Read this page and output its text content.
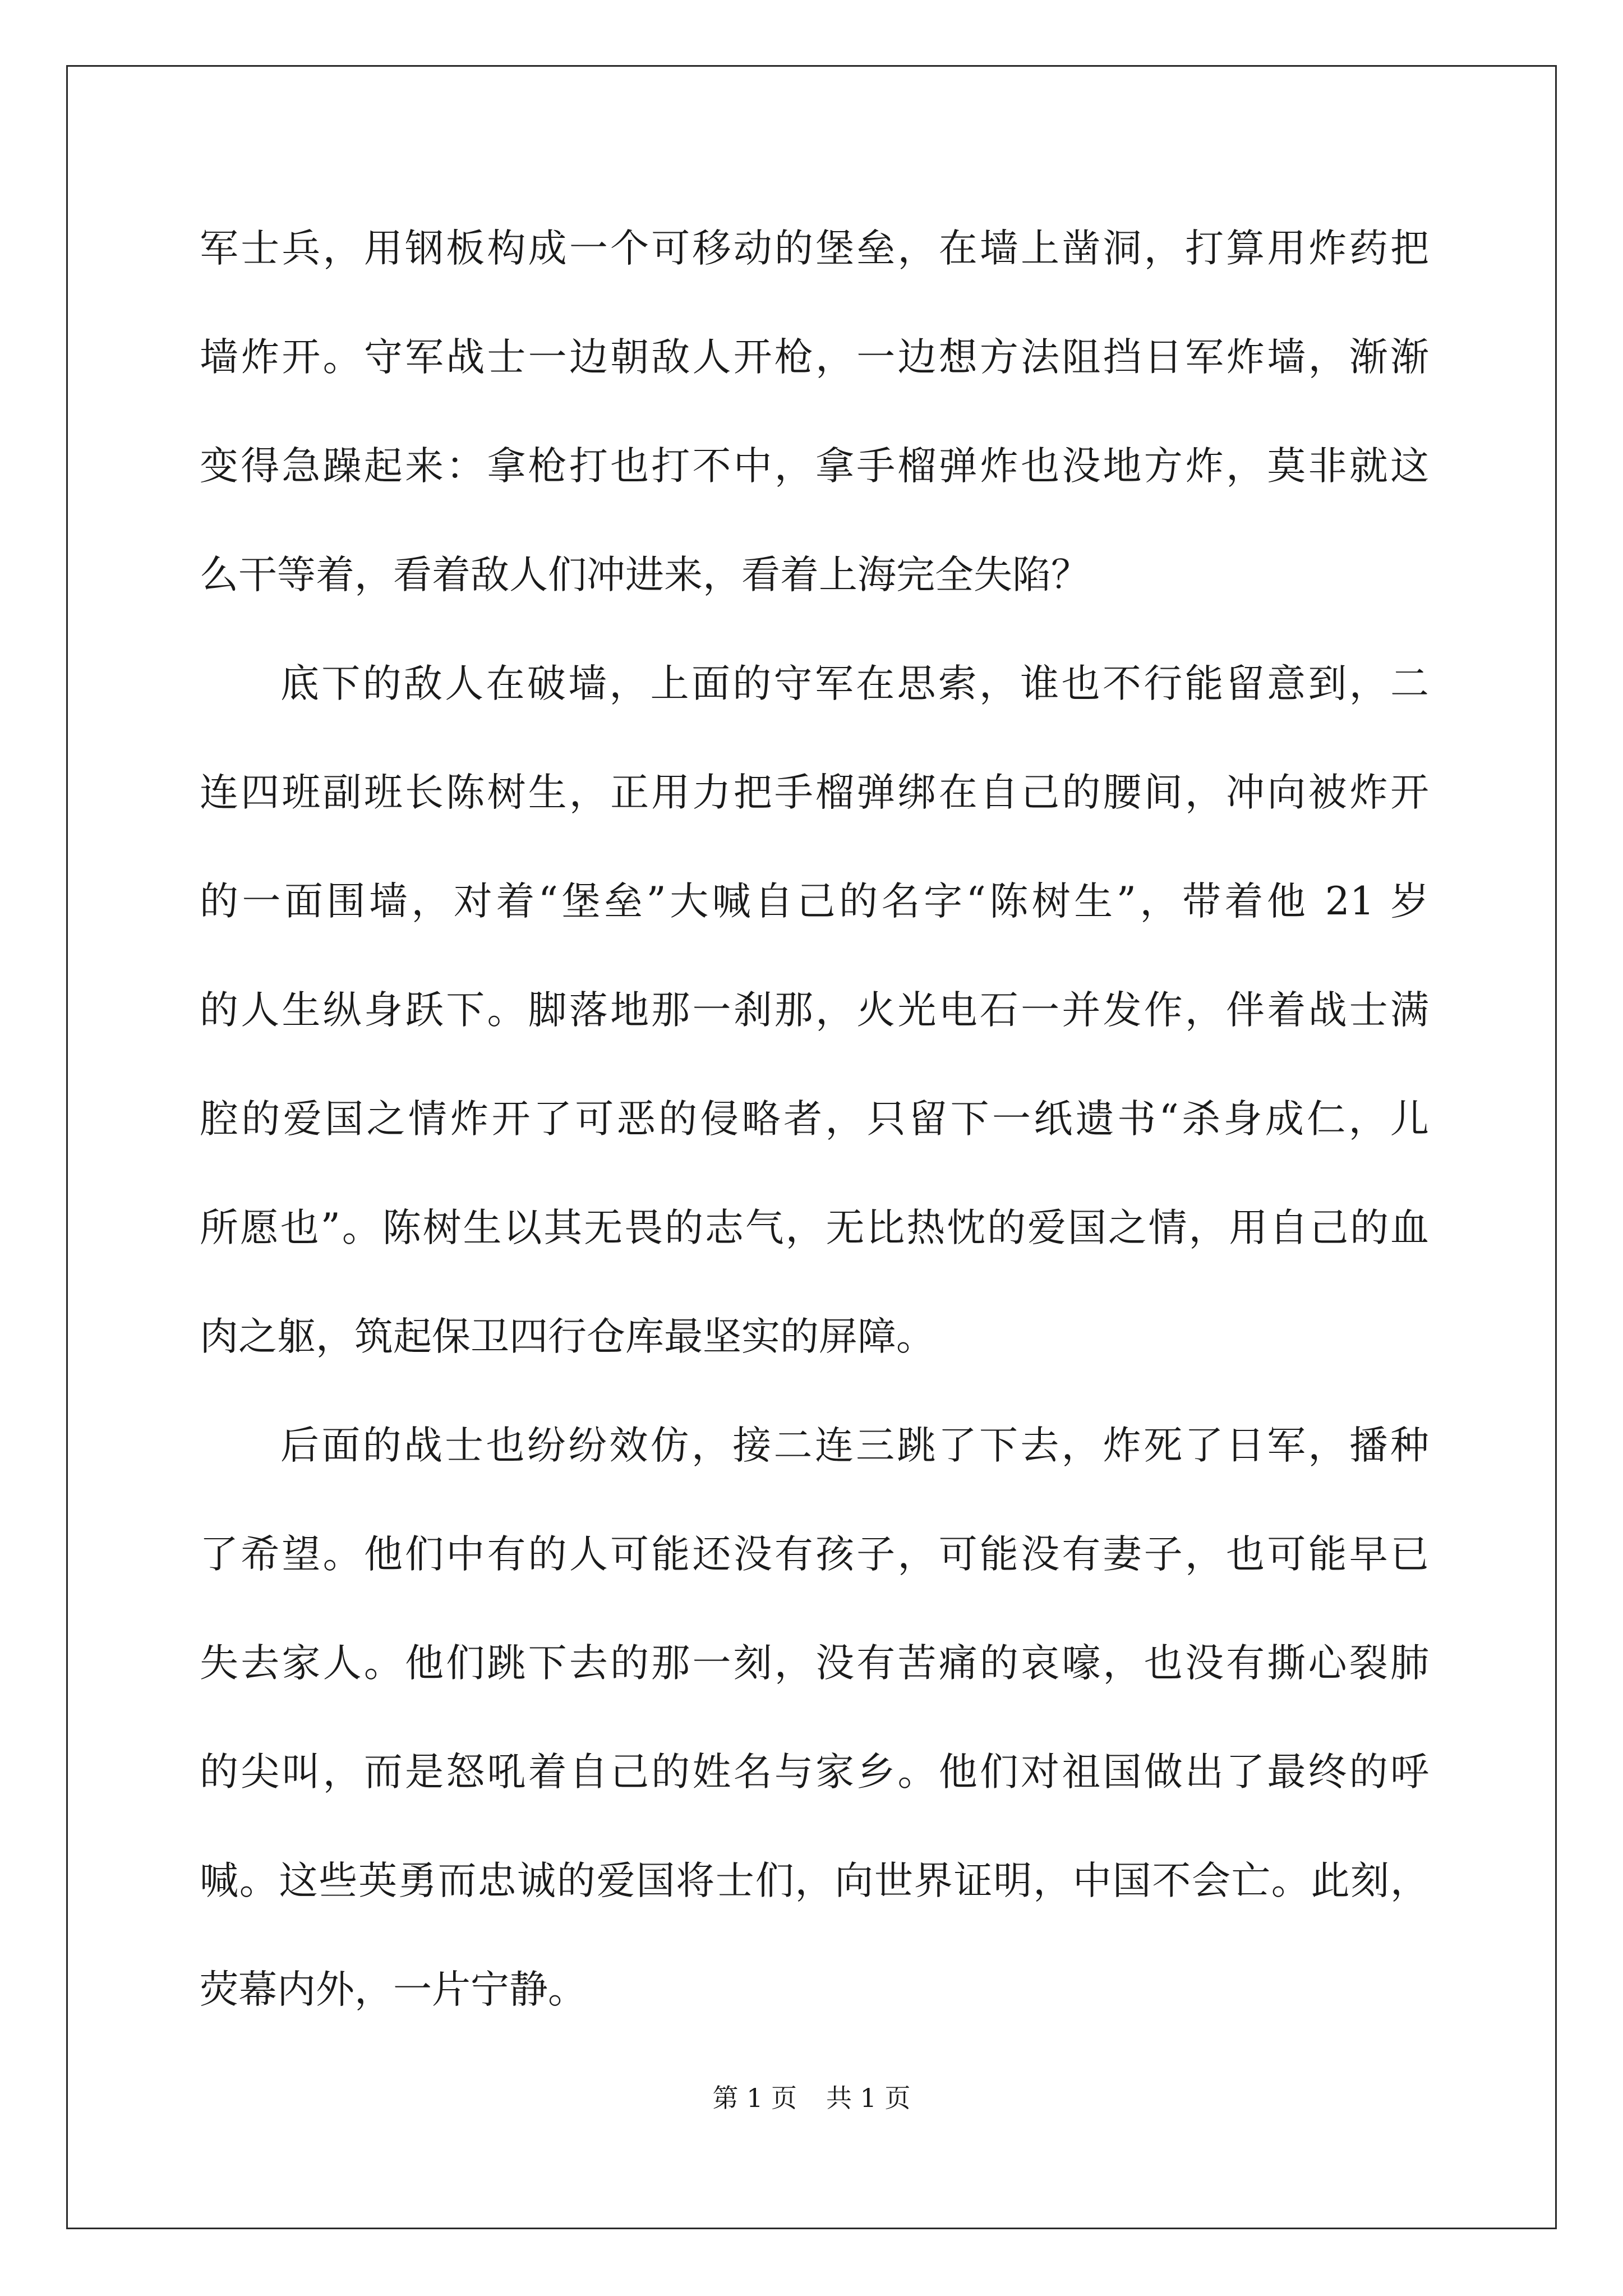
军士兵，用钢板构成一个可移动的堡垒，在墙上凿洞，打算用炸药把
墙炸开。守军战士一边朝敌人开枪，一边想方法阻挡日军炸墙，渐渐
变得急躁起来：拿枪打也打不中，拿手榴弹炸也没地方炸，莫非就这
么干等着，看着敌人们冲进来，看着上海完全失陷？
底下的敌人在破墙，上面的守军在思索，谁也不行能留意到，二
连四班副班长陈树生，正用力把手榴弹绑在自己的腰间，冲向被炸开
的一面围墙，对着“堡垒”大喊自己的名字“陈树生”，带着他 21 岁
的人生纵身跃下。脚落地那一刹那，火光电石一并发作，伴着战士满
腔的爱国之情炸开了可恶的侵略者，只留下一纸遗书“杀身成仁，儿
所愿也”。陈树生以其无畏的志气，无比热忱的爱国之情，用自己的血
肉之躯，筑起保卫四行仓库最坚实的屏障。
后面的战士也纷纷效仿，接二连三跳了下去，炸死了日军，播种
了希望。他们中有的人可能还没有孩子，可能没有妻子，也可能早已
失去家人。他们跳下去的那一刻，没有苦痛的哀嚎，也没有撕心裂肺
的尖叫，而是怒吼着自己的姓名与家乡。他们对祖国做出了最终的呼
喊。这些英勇而忠诚的爱国将士们，向世界证明，中国不会亡。此刻，
荧幕内外，一片宁静。
第 1 页 共 1 页
